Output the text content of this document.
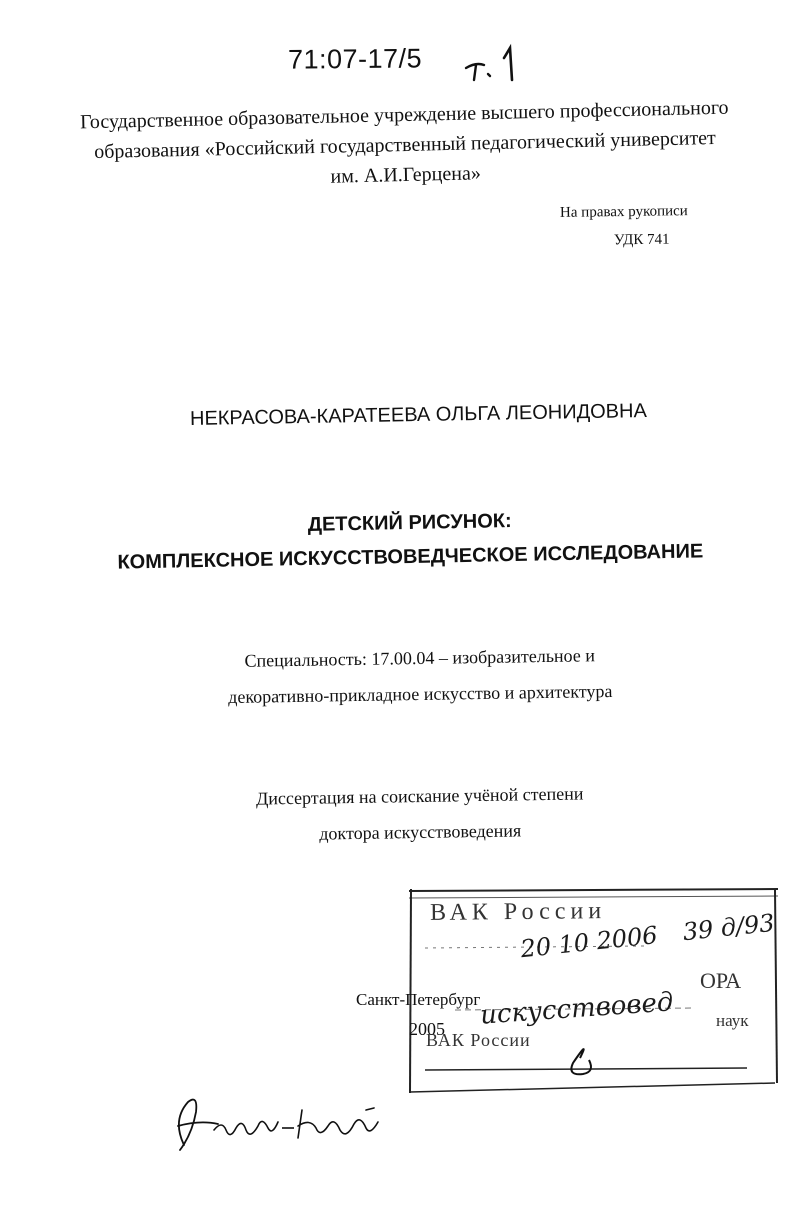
71:07-17/5
Государственное образовательное учреждение высшего профессионального
образования «Российский государственный педагогический университет
им. А.И.Герцена»
На правах рукописи
УДК 741
НЕКРАСОВА-КАРАТЕЕВА ОЛЬГА ЛЕОНИДОВНА
ДЕТСКИЙ РИСУНОК:
КОМПЛЕКСНОЕ ИСКУССТВОВЕДЧЕСКОЕ ИССЛЕДОВАНИЕ
Специальность: 17.00.04 – изобразительное и
декоративно-прикладное искусство и архитектура
Диссертация на соискание учёной степени
доктора искусствоведения
ВАК России
20 10 2006 39 д/93
ОРА
Санкт-Петербург
искусствовед
2005	наук
ВАК России
